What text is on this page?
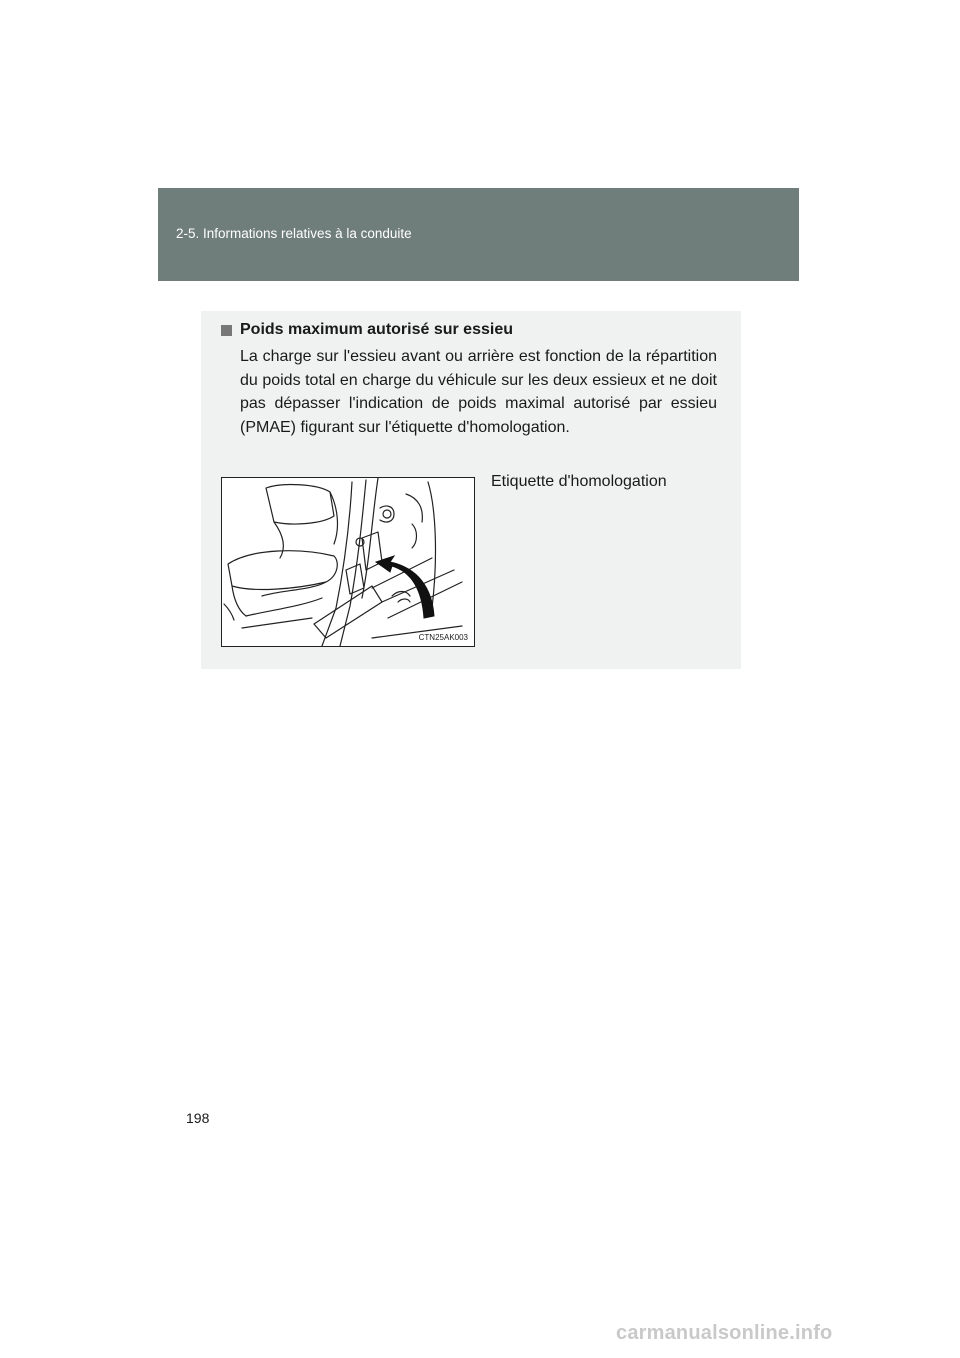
2-5. Informations relatives à la conduite
Poids maximum autorisé sur essieu
La charge sur l'essieu avant ou arrière est fonction de la répartition du poids total en charge du véhicule sur les deux essieux et ne doit pas dépasser l'indication de poids maximal autorisé par essieu (PMAE) figurant sur l'étiquette d'homologation.
CTN25AK003
Etiquette d'homologation
198
carmanualsonline.info
